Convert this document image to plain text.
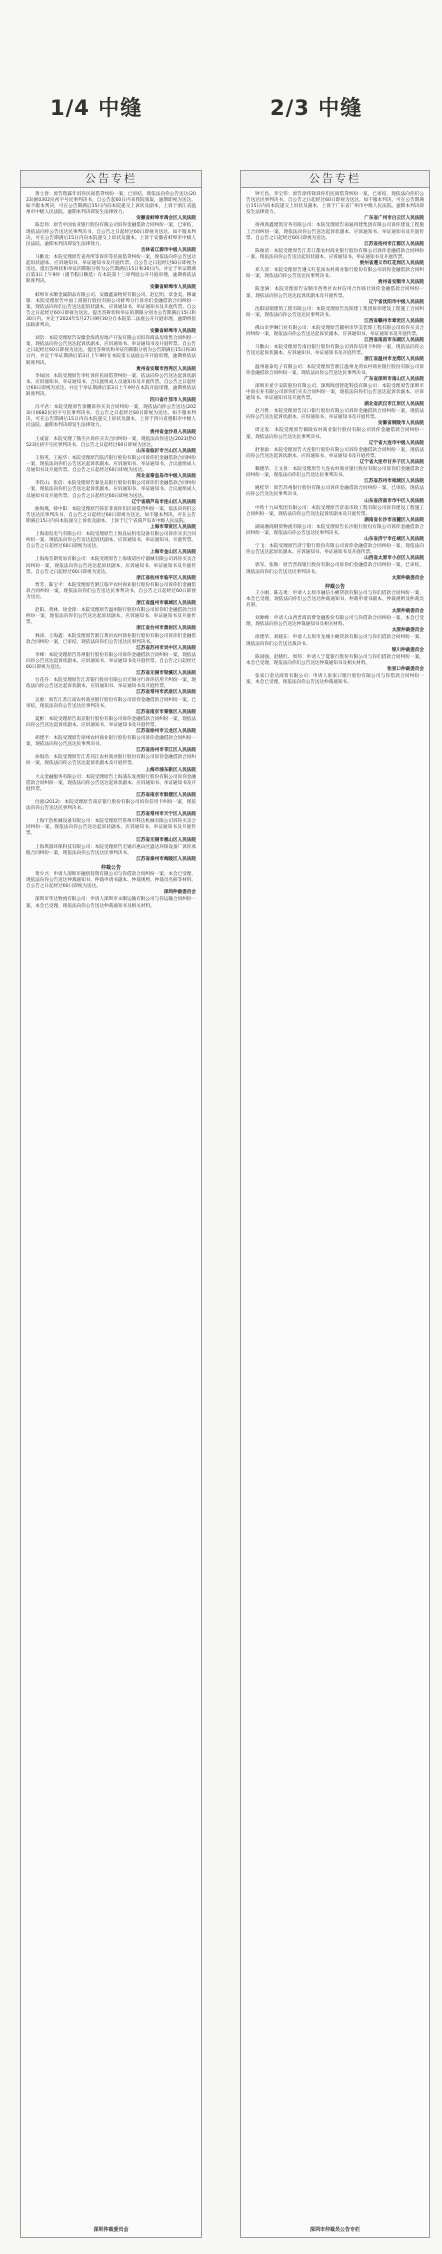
1/4 中缝	2/3 中缝
公告专栏

黄立春：原告程霖年诉你民间借贷纠纷一案，已审结，现依法向你公告送达(2023)浙0302民初字号民事判决书，自公告起60日内来我院领取，逾期即视为送达。如不服本判决，可在公告期满后15日内向本院递交上诉状及副本，上诉于浙江省温州市中级人民法院。逾期本判决即发生法律效力。

安徽省蚌埠市禹会区人民法院

陈忠伟：原告中国农业银行股份有限公司诉你金融借款合同纠纷一案，已审结，现依法向你公告送达民事判决书，自公告之日起经过60日即视为送达。如不服本判决，可在公告期满后15日内向本院递交上诉状及副本，上诉于安徽省蚌埠市中级人民法院。逾期本判决即发生法律效力。

吉林省辽源市中级人民法院

马勤龙：本院受理原告姜青所等诉你等民间借贷纠纷一案，现依法向你公告送达起诉状副本、应诉通知书、举证通知书及开庭传票。自公告之日起经过60日即视为送达。提出答辩状和举证的期限分别为公告期满后15日和30日内。并定于举证期满后第3日上午9时（遇节假日顺延）在本院第十三审判庭公开开庭审理，逾期将依法缺席判决。

安徽省蚌埠市人民法院

蚌埠市永顺金属制品有限公司、安徽鑫泰物贸有限公司、赵亿明、章金美、穆诚银：本院受理原告中国工商银行股份有限公司蚌埠分行诉你们金融借款合同纠纷一案，现依法向你们公告送达起诉状副本、应诉通知书、举证通知书及开庭传票。自公告之日起经过60日即视为送达。提出答辩状和举证的期限分别为公告期满后15日和30日内。并定于2024年5月27日9时30分在本院第二法庭公开开庭审理，逾期将依法缺席判决。

安徽省蚌埠市人民法院

刘浩：本院受理原告安徽金海湾房地产开发有限公司诉你商品房预售合同纠纷一案，现依法向你公告送达起诉状副本、应诉通知书、举证通知书及开庭传票。自公告之日起经过60日即视为送达。提出答辩状和举证的期限分别为公告期满后15日和30日内，并定于举证期满后第3日上午9时在本院第五法庭公开开庭审理，逾期将依法缺席判决。

贵州省安顺市西秀区人民法院

李如国：本院受理原告李红诉你民间借贷纠纷一案，依法向你公告送达起诉状副本、应诉通知书、举证通知书、合议庭组成人员通知书及开庭传票。自公告之日起经过60日即视为送达。并定于举证期满后第3日上午9时在本院开庭审理，逾期将依法缺席判决。

四川省什邡市人民法院

冯平君：本院受理原告余鹏诉你买卖合同纠纷一案，现依法向你公告送达(2023)川0682民初字号民事判决书，自公告之日起经过60日即视为送达。如不服本判决，可在公告期满后15日内向本院递交上诉状及副本，上诉于四川省德阳市中级人民法院。逾期本判决即发生法律效力。

贵州省金沙县人民法院

王成富：本院受理了熊丕兵诉你买卖合同纠纷一案，现依法向你送达(2023)黔0523民初字号民事判决书，自公告之日起经过60日即视为送达。

山东省临沂市兰山区人民法院

王海英、王振华：本院受理原告临沂银行股份有限公司诉你们金融借款合同纠纷一案，现依法向你们公告送达起诉状副本、应诉通知书、举证通知书、合议庭组成人员通知书及开庭传票。自公告之日起经过60日即视为送达。

河北省秦皇岛市中级人民法院

李钦山、张倍：本院受理原告秦皇岛银行股份有限公司诉你们金融借款合同纠纷一案，现依法向你们公告送达起诉状副本、应诉通知书、举证通知书、合议庭组成人员通知书及开庭传票。自公告之日起经过60日即视为送达。

辽宁省葫芦岛市连山区人民法院

曲海燕、韩中阳：本院受理原告韩菲菲诉你们民间借贷纠纷一案，依法向你们公告送达民事判决书，自公告之日起经过60日即视为送达。如不服本判决，可在公告期满后15日内向本院递交上诉状及副本，上诉于辽宁省葫芦岛市中级人民法院。

上海市奉贤区人民法院

上海南电电气有限公司：本院受理原告上海良辰机电设备有限公司诉你买卖合同纠纷一案，现依法向你公告送达起诉状副本、应诉通知书、举证通知书、开庭传票。自公告之日起经过60日即视为送达。

上海市金山区人民法院

上海海杰斯贸易有限公司：本院受理原告上海康诺医疗器械有限公司诉你买卖合同纠纷一案，现依法向你公告送达起诉状副本、应诉通知书、举证通知书及开庭传票。自公告之日起经过60日即视为送达。

浙江省杭州市临平区人民法院

贾芳、陈宝平：本院受理原告浙江临平农村商业银行股份有限公司诉你们金融借款合同纠纷一案，现依法向你们公告送达民事判决书，自公告之日起经过60日即视为送达。

浙江省温州市鹿城区人民法院

赵阳、黄林、徐金锋：本院受理原告温州银行股份有限公司诉你们金融借款合同纠纷一案，现依法向你们公告送达起诉状副本、应诉通知书、举证通知书及开庭传票。

浙江省台州市黄岩区人民法院

林涛、王海鑫：本院受理原告浙江黄岩农村商业银行股份有限公司诉你们金融借款合同纠纷一案，已审结，现依法向你们公告送达民事判决书。

江苏省苏州市吴中区人民法院

李峰：本院受理原告苏州银行股份有限公司诉你金融借款合同纠纷一案，现依法向你公告送达起诉状副本、应诉通知书、举证通知书及开庭传票。自公告之日起经过60日即视为送达。

江苏省无锡市梁溪区人民法院

台花丹：本院受理原告江苏银行股份有限公司无锡分行诉你信用卡纠纷一案，现依法向你公告送达起诉状副本、应诉通知书、举证通知书及开庭传票。

江苏省常州市武进区人民法院

吴惠：原告江苏江南农村商业银行股份有限公司诉你金融借款合同纠纷一案，已审结，现依法向你公告送达民事判决书。

江苏省南京市秦淮区人民法院

夏彬：本院受理原告南京银行股份有限公司诉你金融借款合同纠纷一案，现依法向你公告送达起诉状副本、应诉通知书、举证通知书及开庭传票。

江苏省徐州市云龙区人民法院

胡建平：本院受理原告徐州农村商业银行股份有限公司诉你金融借款合同纠纷一案，现依法向你公告送达民事判决书。

江苏省扬州市邗江区人民法院

孙海浩：本院受理原告江苏邗江农村商业银行股份有限公司诉你金融借款合同纠纷一案，现依法向你公告送达起诉状副本及开庭传票。

上海市浦东新区人民法院

大众金融服务有限公司：本院受理原告上海浦东发展银行股份有限公司诉你金融借款合同纠纷一案，现依法向你公告送达起诉状副本、应诉通知书、举证通知书及开庭传票。

江苏省南京市鼓楼区人民法院

付庭(2012)：本院受理原告南京银行股份有限公司诉你信用卡纠纷一案，现依法向你公告送达民事判决书。

江苏省常州市天宁区人民法院

上海宇浩机械设备有限公司：本院受理原告常州市科达机械有限公司诉你买卖合同纠纷一案，现依法向你公告送达起诉状副本、应诉通知书、举证通知书及开庭传票。

江苏省无锡市惠山区人民法院

上海琪润环保科技有限公司：本院受理原告无锡市惠山区盛达环保设备厂诉你承揽合同纠纷一案，现依法向你公告送达民事判决书。

江苏省泰州市海陵区人民法院

仲裁公告

黄少兴：申请人深圳市融创投资有限公司与你借款合同纠纷一案，本会已受理，现依法向你公告送达仲裁通知书、仲裁申请书副本、仲裁规则、仲裁员名册等材料。自公告之日起经过60日即视为送达。

深圳仲裁委员会

深圳市华达物流有限公司：申请人深圳市永顺运输有限公司与你运输合同纠纷一案，本会已受理，现依法向你公告送达仲裁通知书及相关材料。

深圳仲裁委员会
公告专栏

钟天昌、李宝伟：原告徐伟锋诉你们民间借贷纠纷一案，已审结，现依法向你们公告送达民事判决书，自公告之日起经过60日即视为送达。如不服本判决，可在公告期满后15日内向本院递交上诉状及副本，上诉于广东省广州市中级人民法院。逾期本判决即发生法律效力。

广东省广州市白云区人民法院

扬州鸿鑫建筑劳务有限公司：本院受理原告南通四建集团有限公司诉你建设工程施工合同纠纷一案，现依法向你公告送达起诉状副本、应诉通知书、举证通知书及开庭传票。自公告之日起经过60日即视为送达。

江苏省扬州市江都区人民法院

陈俊清：本院受理原告江苏江都农村商业银行股份有限公司诉你金融借款合同纠纷一案，现依法向你公告送达起诉状副本、应诉通知书、举证通知书及开庭传票。

贵州省遵义市红花岗区人民法院

邓久清：本院受理原告遵义红花岗农村商业银行股份有限公司诉你金融借款合同纠纷一案，现依法向你公告送达民事判决书。

贵州省安顺市人民法院

陈金满：本院受理原告安顺市西秀区农村信用合作联社诉你金融借款合同纠纷一案，现依法向你公告送达起诉状副本及开庭传票。

辽宁省沈阳市中级人民法院

沈阳国瑞建筑工程有限公司：本院受理原告沈阳建工集团诉你建设工程施工合同纠纷一案，现依法向你公告送达民事判决书。

江西省赣州市章贡区人民法院

佛山市伊琳门业有限公司：本院受理原告赣州市华美装饰工程有限公司诉你买卖合同纠纷一案，现依法向你公告送达起诉状副本、应诉通知书、举证通知书及开庭传票。

江西省南昌市东湖区人民法院

马勤山：本院受理原告南昌银行股份有限公司诉你信用卡纠纷一案，现依法向你公告送达起诉状副本、应诉通知书、举证通知书及开庭传票。

浙江省温州市龙湾区人民法院

温州嘉泰电子有限公司：本院受理原告浙江温州龙湾农村商业银行股份有限公司诉你金融借款合同纠纷一案，现依法向你公告送达民事判决书。

广东省深圳市南山区人民法院

深圳市星宇安防股份有限公司、深圳海创智能科技有限公司：本院受理原告深圳市中南实业有限公司诉你们买卖合同纠纷一案，现依法向你们公告送达起诉状副本、应诉通知书、举证通知书及开庭传票。

湖北省武汉市江岸区人民法院

赵月胜：本院受理原告汉口银行股份有限公司诉你金融借款合同纠纷一案，现依法向你公告送达起诉状副本、应诉通知书、举证通知书及开庭传票。

安徽省铜陵市人民法院

周定发：本院受理原告铜陵农村商业银行股份有限公司诉你金融借款合同纠纷一案，现依法向你公告送达民事判决书。

辽宁省大连市中级人民法院

舒春渝：本院受理原告大连银行股份有限公司诉你金融借款合同纠纷一案，现依法向你公告送达起诉状副本、应诉通知书、举证通知书及开庭传票。

辽宁省大连市甘井子区人民法院

赖德华、王文喜：本院受理原告大连农村商业银行股份有限公司诉你们金融借款合同纠纷一案，现依法向你们公告送达民事判决书。

江苏省苏州市相城区人民法院

姚桂华：原告苏州银行股份有限公司诉你金融借款合同纠纷一案，已审结，现依法向你公告送达民事判决书。

山东省济南市市中区人民法院

中铁十九局集团有限公司：本院受理原告济南市政工程有限公司诉你建设工程施工合同纠纷一案，现依法向你公告送达起诉状副本及开庭传票。

湖南省长沙市岳麓区人民法院

湖南湘商钢贸物流有限公司：本院受理原告长沙银行股份有限公司诉你金融借款合同纠纷一案，现依法向你公告送达民事判决书。

山东省济宁市任城区人民法院

宁飞：本院受理原告济宁银行股份有限公司诉你金融借款合同纠纷一案，现依法向你公告送达起诉状副本、应诉通知书、举证通知书及开庭传票。

山西省太原市小店区人民法院

郭军、张勋：原告晋商银行股份有限公司诉你们金融借款合同纠纷一案，已审结，现依法向你们公告送达民事判决书。

太原仲裁委员会

仲裁公告

王小刚、陈志勇：申请人太原市融信小额贷款有限公司与你们借款合同纠纷一案，本会已受理，现依法向你们公告送达仲裁通知书、仲裁申请书副本、仲裁规则及仲裁员名册。

太原仲裁委员会

刘帅峰：申请人山西晋商消费金融股份有限公司与你借款合同纠纷一案，本会已受理，现依法向你公告送达仲裁通知书及相关材料。

太原仲裁委员会

徐建华、刘晓东：申请人太原市龙城小额贷款有限公司与你们借款合同纠纷一案，现依法向你们公告送达裁决书。

银川仲裁委员会

陈国强、赵晓红、周伟：申请人宁夏银行股份有限公司与你们借款合同纠纷一案，本会已受理，现依法向你们公告送达仲裁通知书及相关材料。

张家口仲裁委员会

张家口金达商贸有限公司：申请人张家口银行股份有限公司与你借款合同纠纷一案，本会已受理，现依法向你公告送达仲裁通知书。

深圳市仲裁员公告专栏
